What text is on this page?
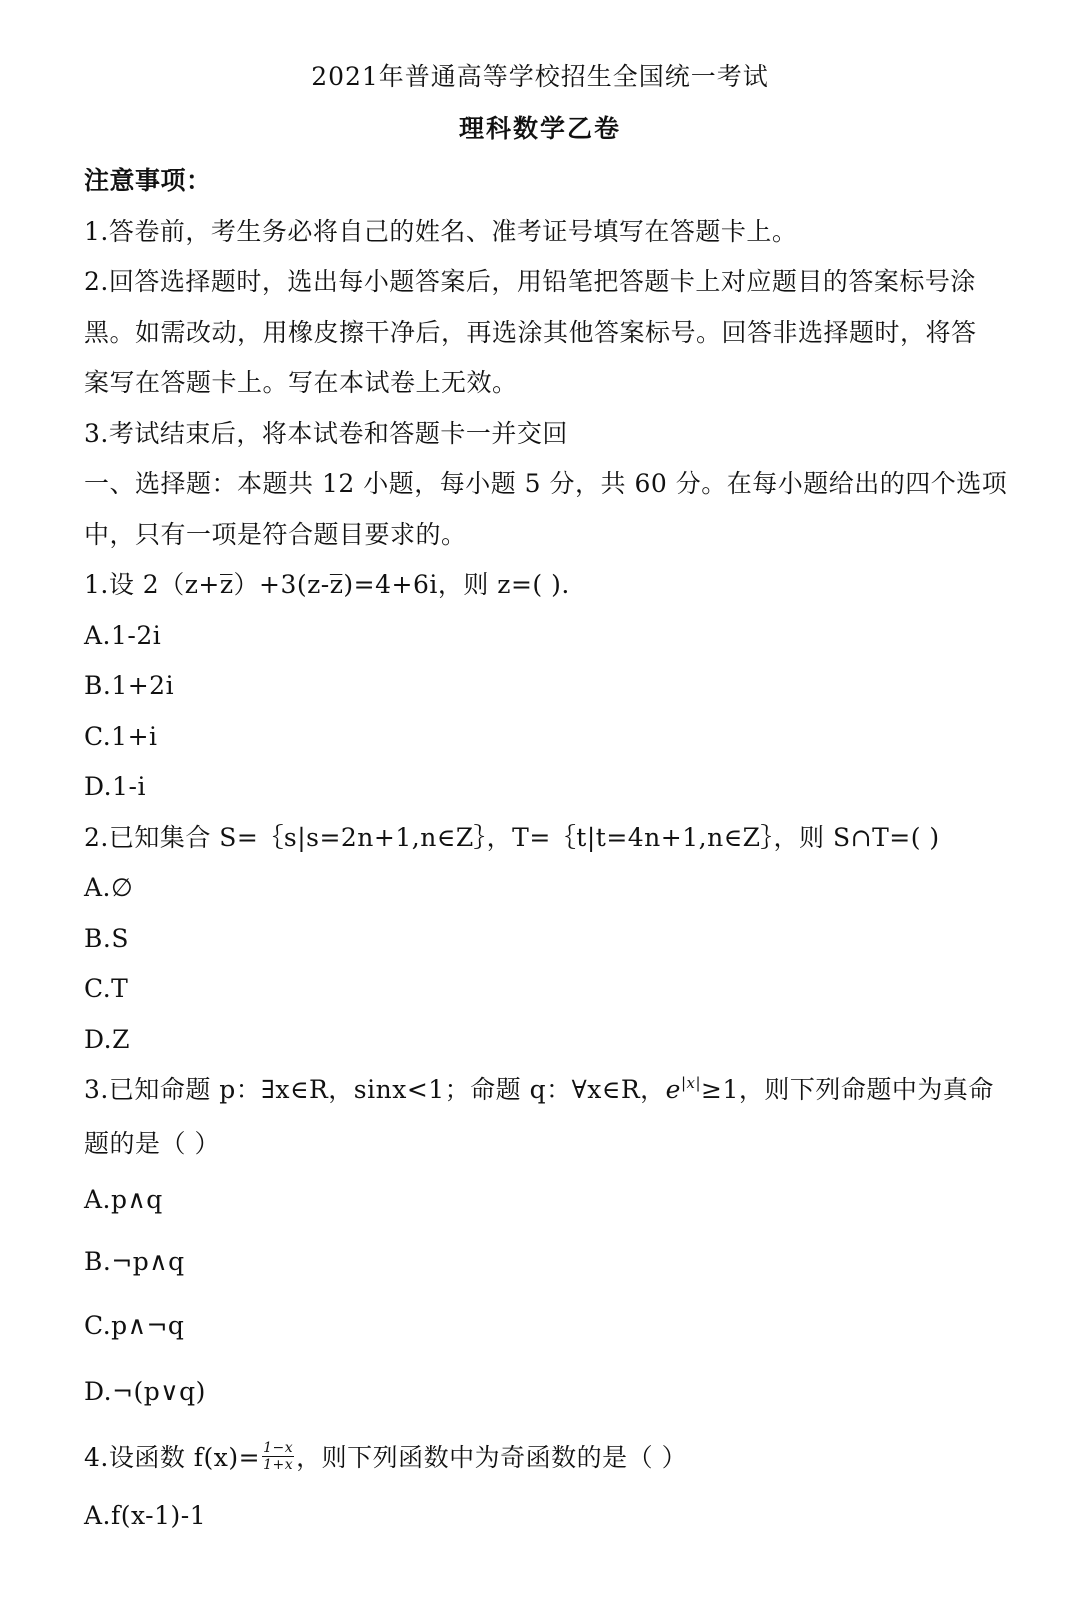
2021年普通高等学校招生全国统一考试
理科数学乙卷
注意事项：
1.答卷前，考生务必将自己的姓名、准考证号填写在答题卡上。
2.回答选择题时，选出每小题答案后，用铅笔把答题卡上对应题目的答案标号涂
黑。如需改动，用橡皮擦干净后，再选涂其他答案标号。回答非选择题时，将答
案写在答题卡上。写在本试卷上无效。
3.考试结束后，将本试卷和答题卡一并交回
一、选择题：本题共 12 小题，每小题 5 分，共 60 分。在每小题给出的四个选项
中，只有一项是符合题目要求的。
1.设 2（z+z̅）+3(z-z̅)=4+6i，则 z=( ).
A.1-2i
B.1+2i
C.1+i
D.1-i
2.已知集合 S=｛s|s=2n+1,n∈Z｝，T=｛t|t=4n+1,n∈Z｝，则 S∩T=( )
A.∅
B.S
C.T
D.Z
3.已知命题 p：∃x∈R，sinx<1；命题 q：∀x∈R，$e^{|x|}\ge 1$，则下列命题中为真命
题的是（ ）
A.p∧q
B.¬p∧q
C.p∧¬q
D.¬(p∨q)
4.设函数 $f(x)= \frac{1-x}{1+x}$ ，则下列函数中为奇函数的是（ ）
A.f(x-1)-1
